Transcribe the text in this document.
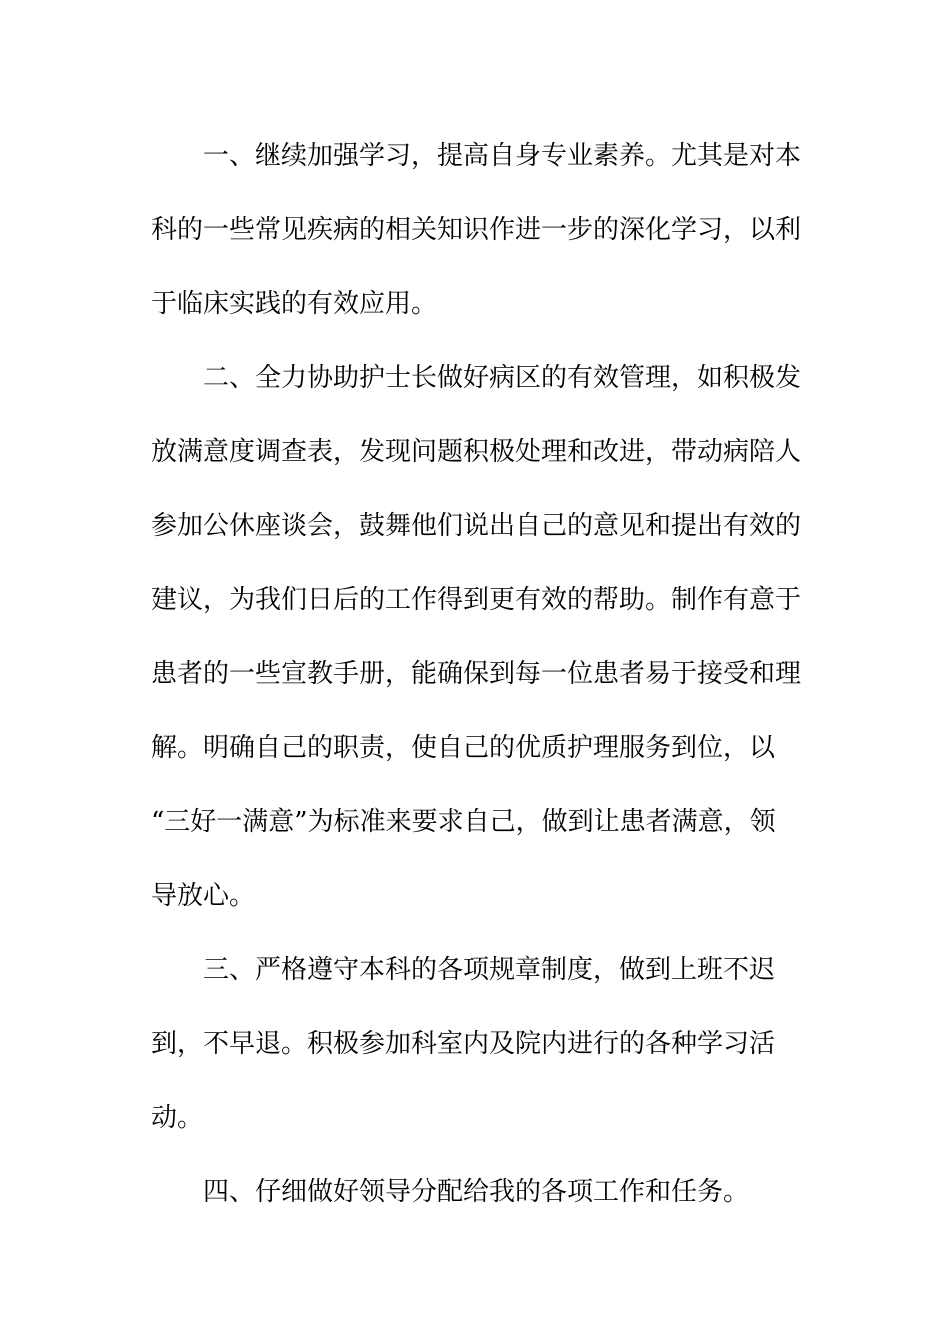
一、继续加强学习，提高自身专业素养。尤其是对本

科的一些常见疾病的相关知识作进一步的深化学习，以利

于临床实践的有效应用。

二、全力协助护士长做好病区的有效管理，如积极发

放满意度调查表，发现问题积极处理和改进，带动病陪人

参加公休座谈会，鼓舞他们说出自己的意见和提出有效的

建议，为我们日后的工作得到更有效的帮助。制作有意于

患者的一些宣教手册，能确保到每一位患者易于接受和理

解。明确自己的职责，使自己的优质护理服务到位，以

“三好一满意”为标准来要求自己，做到让患者满意，领

导放心。

三、严格遵守本科的各项规章制度，做到上班不迟

到，不早退。积极参加科室内及院内进行的各种学习活

动。

四、仔细做好领导分配给我的各项工作和任务。
